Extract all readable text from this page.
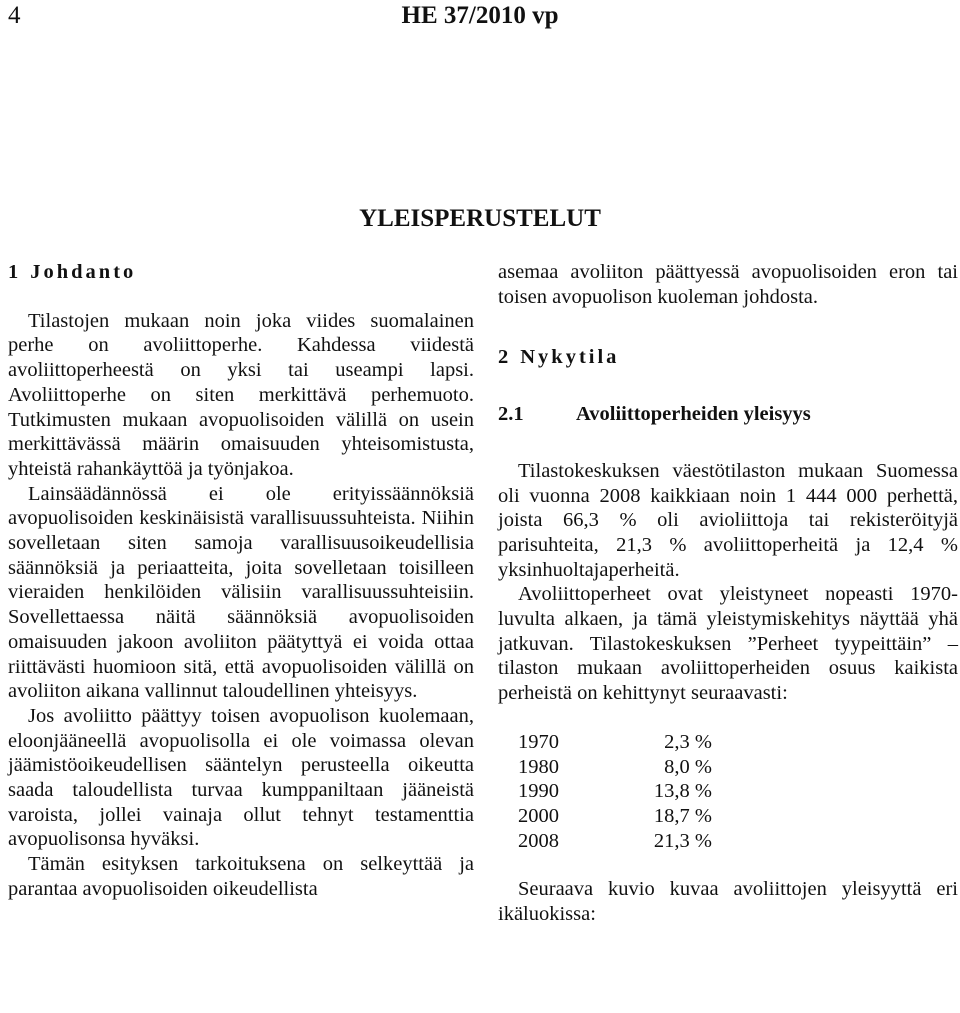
4	HE 37/2010 vp
YLEISPERUSTELUT
1 Johdanto

Tilastojen mukaan noin joka viides suomalainen perhe on avoliittoperhe. Kahdessa viidestä avoliittoperheestä on yksi tai useampi lapsi. Avoliittoperhe on siten merkittävä perhemuoto. Tutkimusten mukaan avopuolisoiden välillä on usein merkittävässä määrin omaisuuden yhteisomistusta, yhteistä rahankäyttöä ja työnjakoa.

Lainsäädännössä ei ole erityissäännöksiä avopuolisoiden keskinäisistä varallisuussuhteista. Niihin sovelletaan siten samoja varallisuusoikeudellisia säännöksiä ja periaatteita, joita sovelletaan toisilleen vieraiden henkilöiden välisiin varallisuussuhteisiin. Sovellettaessa näitä säännöksiä avopuolisoiden omaisuuden jakoon avoliiton päätyttyä ei voida ottaa riittävästi huomioon sitä, että avopuolisoiden välillä on avoliiton aikana vallinnut taloudellinen yhteisyys.

Jos avoliitto päättyy toisen avopuolison kuolemaan, eloonjääneellä avopuolisolla ei ole voimassa olevan jäämistöoikeudellisen sääntelyn perusteella oikeutta saada taloudellista turvaa kumppaniltaan jääneistä varoista, jollei vainaja ollut tehnyt testamenttia avopuolisonsa hyväksi.

Tämän esityksen tarkoituksena on selkeyttää ja parantaa avopuolisoiden oikeudellista

asemaa avoliiton päättyessä avopuolisoiden eron tai toisen avopuolison kuoleman johdosta.

2 Nykytila
2.1	Avoliittoperheiden yleisyys

Tilastokeskuksen väestötilaston mukaan Suomessa oli vuonna 2008 kaikkiaan noin 1 444 000 perhettä, joista 66,3 % oli avioliittoja tai rekisteröityjä parisuhteita, 21,3 % avoliittoperheitä ja 12,4 % yksinhuoltajaperheitä.

Avoliittoperheet ovat yleistyneet nopeasti 1970-luvulta alkaen, ja tämä yleistymiskehitys näyttää yhä jatkuvan. Tilastokeskuksen ”Perheet tyypeittäin” –tilaston mukaan avoliittoperheiden osuus kaikista perheistä on kehittynyt seuraavasti:

1970	2,3 %
1980	8,0 %
1990	13,8 %
2000	18,7 %
2008	21,3 %

Seuraava kuvio kuvaa avoliittojen yleisyyttä eri ikäluokissa:
